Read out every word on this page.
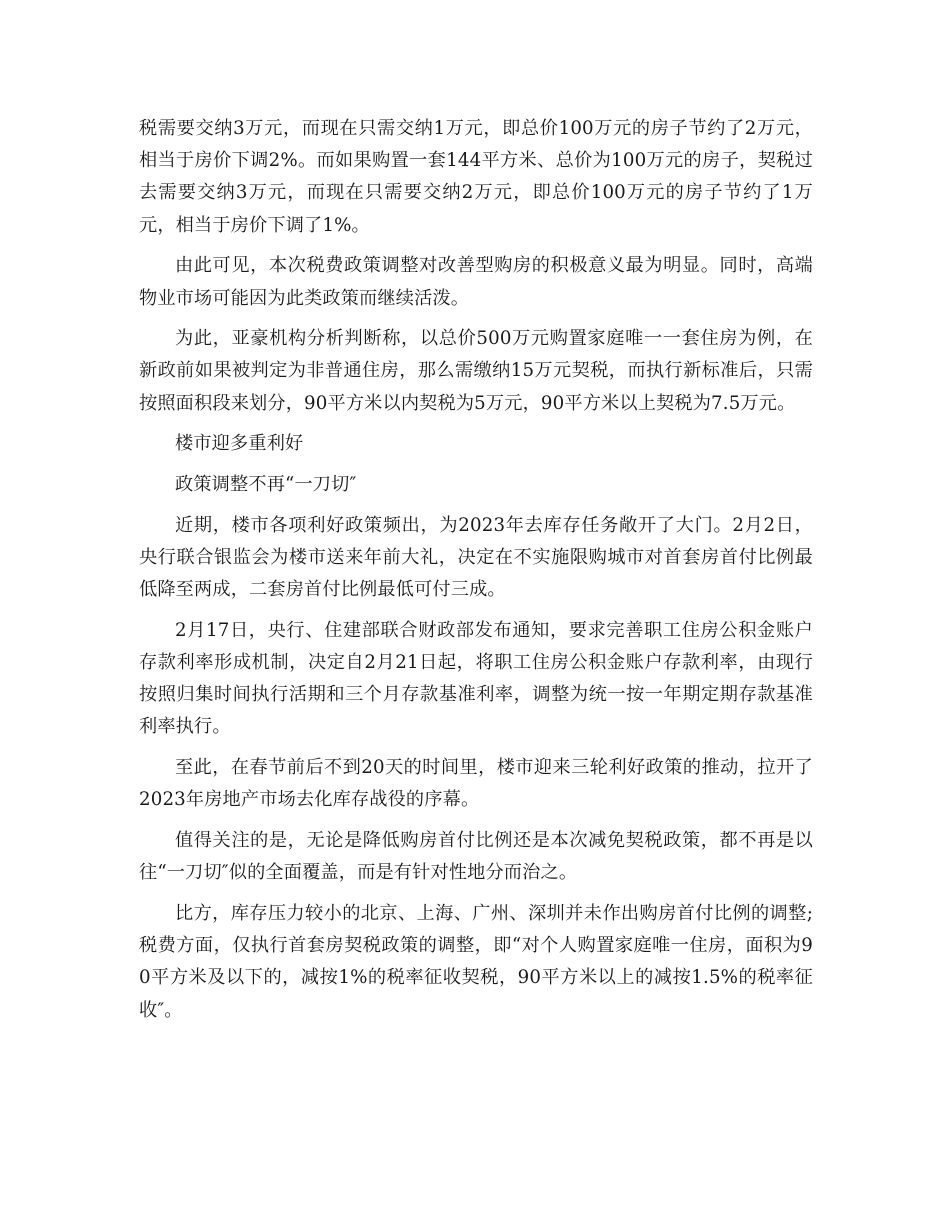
税需要交纳3万元，而现在只需交纳1万元，即总价100万元的房子节约了2万元，相当于房价下调2%。而如果购置一套144平方米、总价为100万元的房子，契税过去需要交纳3万元，而现在只需要交纳2万元，即总价100万元的房子节约了1万元，相当于房价下调了1%。

由此可见，本次税费政策调整对改善型购房的积极意义最为明显。同时，高端物业市场可能因为此类政策而继续活泼。

为此，亚豪机构分析判断称，以总价500万元购置家庭唯一一套住房为例，在新政前如果被判定为非普通住房，那么需缴纳15万元契税，而执行新标准后，只需按照面积段来划分，90平方米以内契税为5万元，90平方米以上契税为7.5万元。

楼市迎多重利好

政策调整不再“一刀切″

近期，楼市各项利好政策频出，为2023年去库存任务敞开了大门。2月2日，央行联合银监会为楼市送来年前大礼，决定在不实施限购城市对首套房首付比例最低降至两成，二套房首付比例最低可付三成。

2月17日，央行、住建部联合财政部发布通知，要求完善职工住房公积金账户存款利率形成机制，决定自2月21日起，将职工住房公积金账户存款利率，由现行按照归集时间执行活期和三个月存款基准利率，调整为统一按一年期定期存款基准利率执行。

至此，在春节前后不到20天的时间里，楼市迎来三轮利好政策的推动，拉开了2023年房地产市场去化库存战役的序幕。

值得关注的是，无论是降低购房首付比例还是本次减免契税政策，都不再是以往“一刀切″似的全面覆盖，而是有针对性地分而治之。

比方，库存压力较小的北京、上海、广州、深圳并未作出购房首付比例的调整;税费方面，仅执行首套房契税政策的调整，即“对个人购置家庭唯一住房，面积为90平方米及以下的，减按1%的税率征收契税，90平方米以上的减按1.5%的税率征收″。
